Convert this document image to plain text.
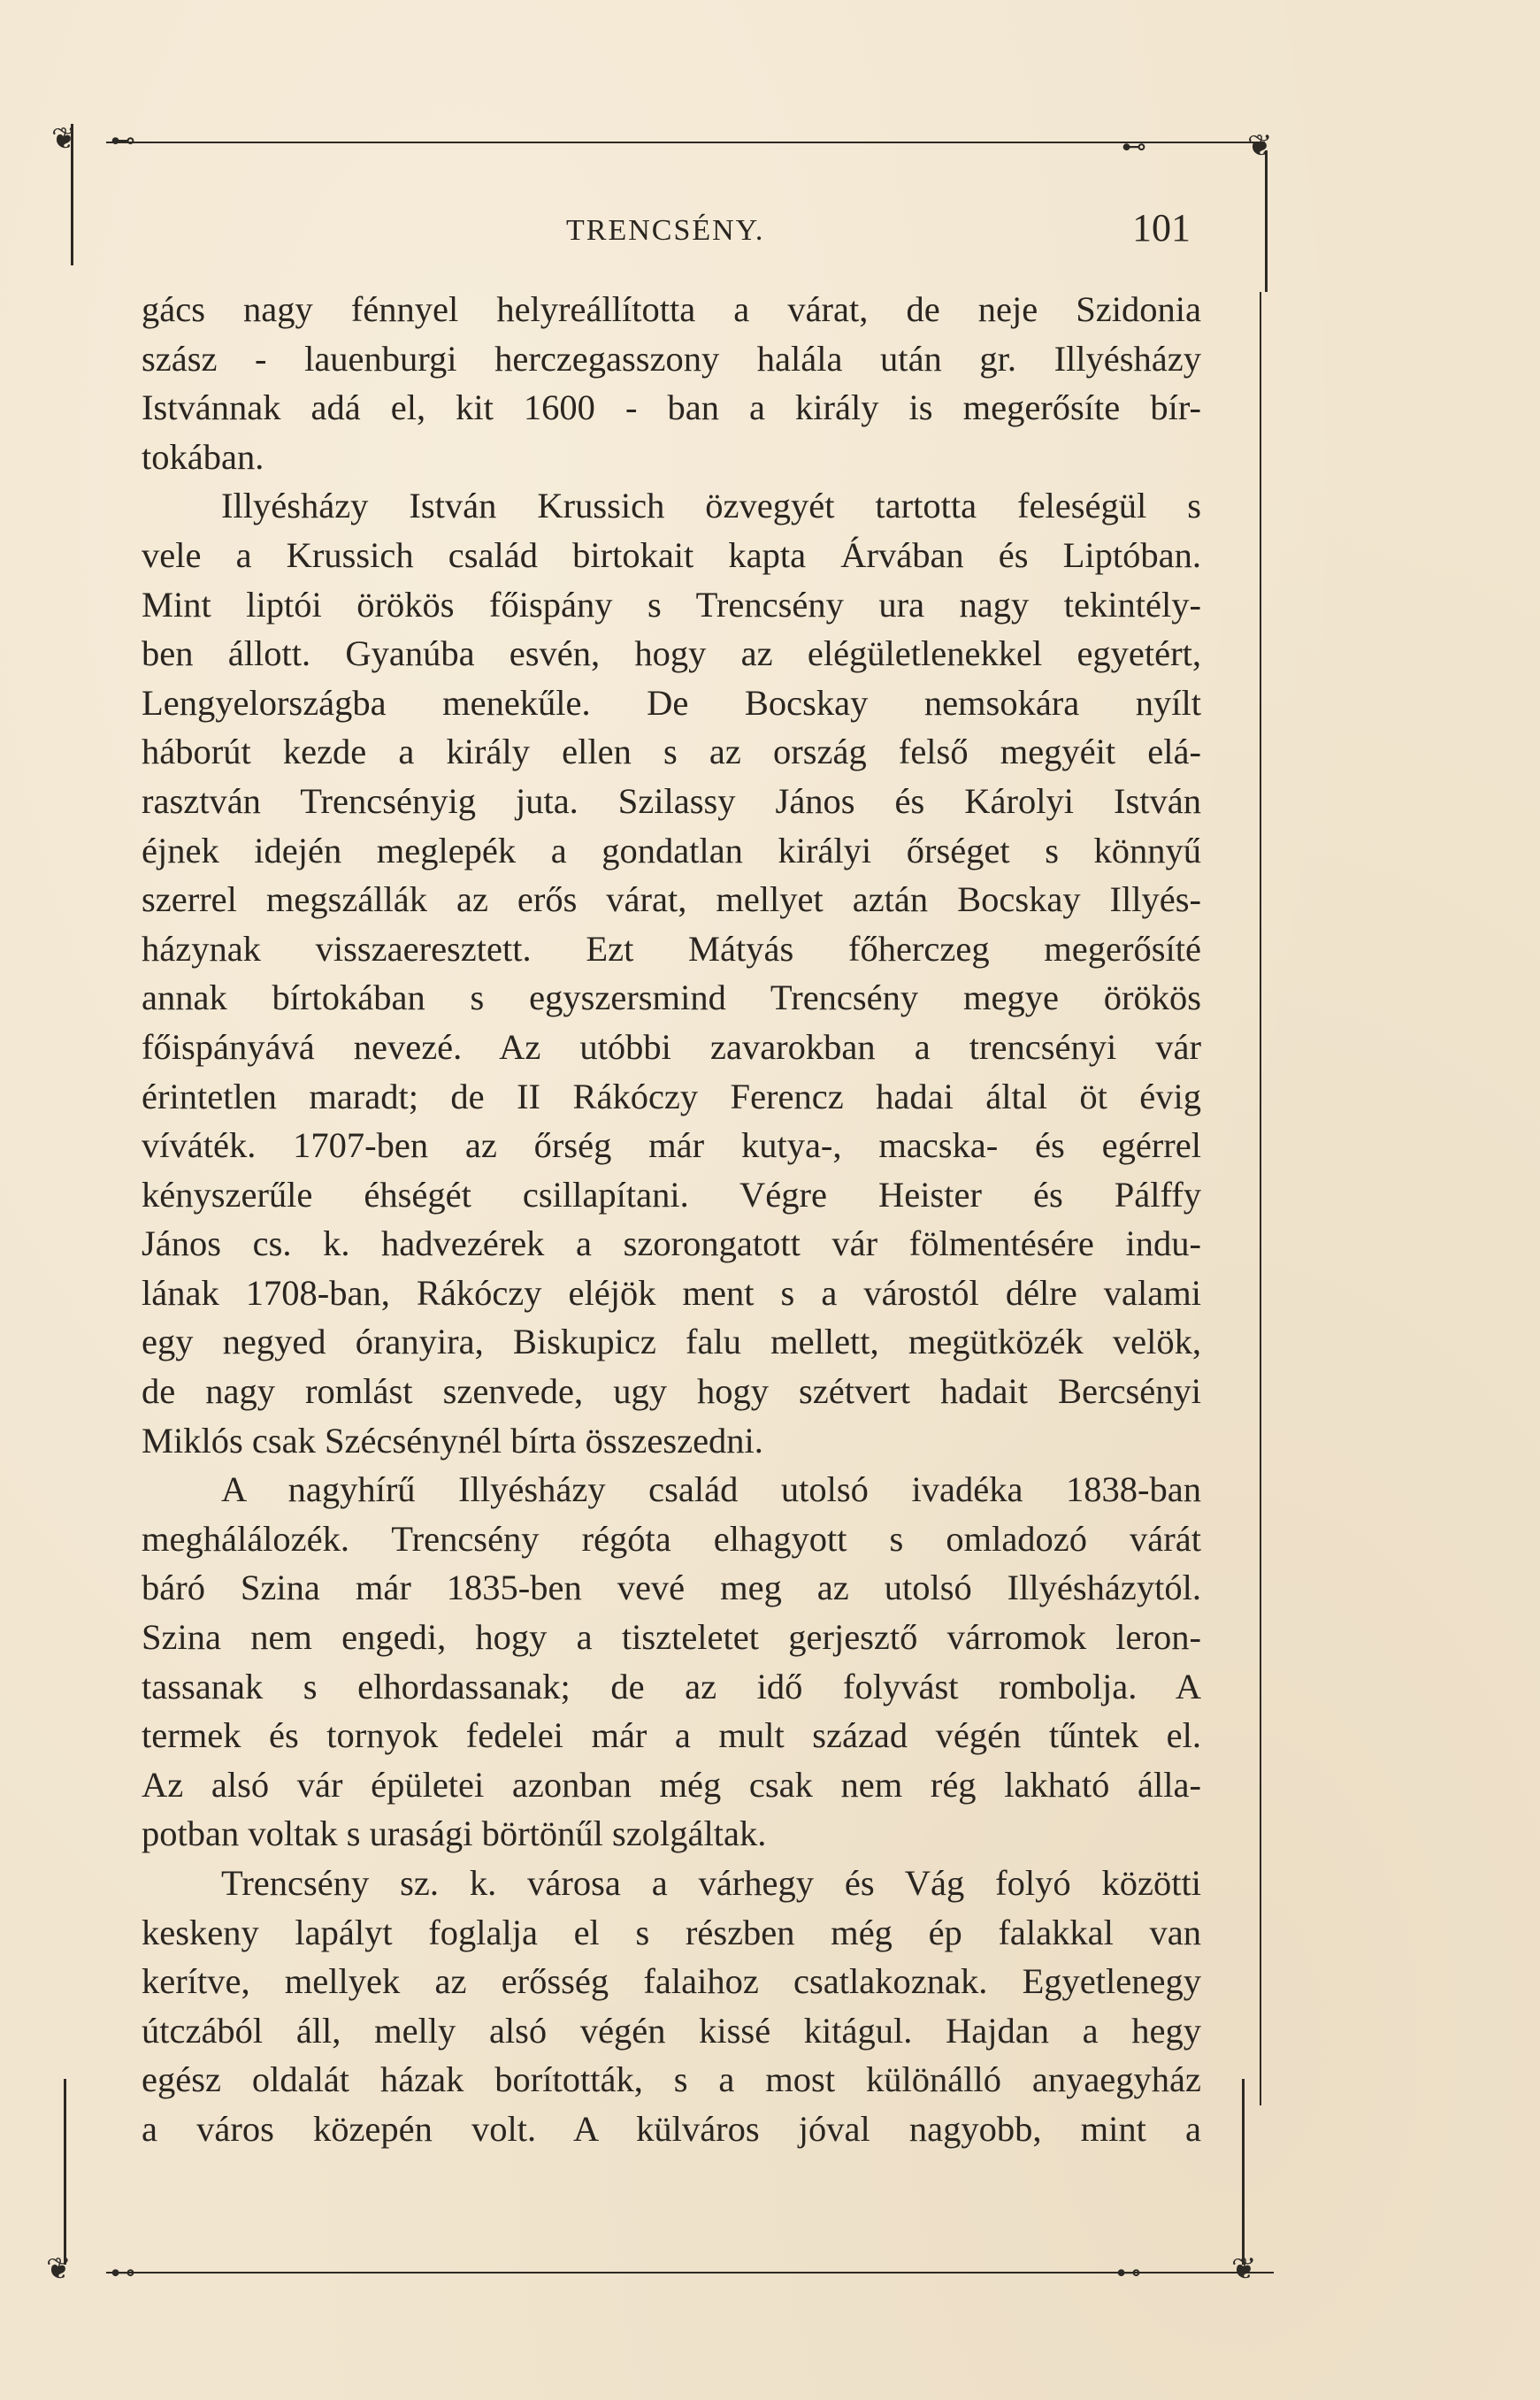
❦ ⊷	⊷	❦
❦ ⊷	⊷	❦
TRENCSÉNY.	101
gács nagy fénnyel helyreállította a várat, de neje Szidonia
szász - lauenburgi herczegasszony halála után gr. Illyésházy
Istvánnak adá el, kit 1600 - ban a király is megerősíte bír-
tokában.
Illyésházy István Krussich özvegyét tartotta feleségül s
vele a Krussich család birtokait kapta Árvában és Liptóban.
Mint liptói örökös főispány s Trencsény ura nagy tekintély-
ben állott. Gyanúba esvén, hogy az elégületlenekkel egyetért,
Lengyelországba menekűle. De Bocskay nemsokára nyílt
háborút kezde a király ellen s az ország felső megyéit elá-
rasztván Trencsényig juta. Szilassy János és Károlyi István
éjnek idején meglepék a gondatlan királyi őrséget s könnyű
szerrel megszállák az erős várat, mellyet aztán Bocskay Illyés-
házynak visszaeresztett. Ezt Mátyás főherczeg megerősíté
annak bírtokában s egyszersmind Trencsény megye örökös
főispányává nevezé. Az utóbbi zavarokban a trencsényi vár
érintetlen maradt; de II Rákóczy Ferencz hadai által öt évig
víváték. 1707-ben az őrség már kutya-, macska- és egérrel
kényszerűle éhségét csillapítani. Végre Heister és Pálffy
János cs. k. hadvezérek a szorongatott vár fölmentésére indu-
lának 1708-ban, Rákóczy eléjök ment s a várostól délre valami
egy negyed óranyira, Biskupicz falu mellett, megütközék velök,
de nagy romlást szenvede, ugy hogy szétvert hadait Bercsényi
Miklós csak Szécsénynél bírta összeszedni.
A nagyhírű Illyésházy család utolsó ivadéka 1838-ban
meghálálozék. Trencsény régóta elhagyott s omladozó várát
báró Szina már 1835-ben vevé meg az utolsó Illyésházytól.
Szina nem engedi, hogy a tiszteletet gerjesztő várromok leron-
tassanak s elhordassanak; de az idő folyvást rombolja. A
termek és tornyok fedelei már a mult század végén tűntek el.
Az alsó vár épületei azonban még csak nem rég lakható álla-
potban voltak s urasági börtönűl szolgáltak.
Trencsény sz. k. városa a várhegy és Vág folyó közötti
keskeny lapályt foglalja el s részben még ép falakkal van
kerítve, mellyek az erősség falaihoz csatlakoznak. Egyetlenegy
útczából áll, melly alsó végén kissé kitágul. Hajdan a hegy
egész oldalát házak borították, s a most különálló anyaegyház
a város közepén volt. A külváros jóval nagyobb, mint a
